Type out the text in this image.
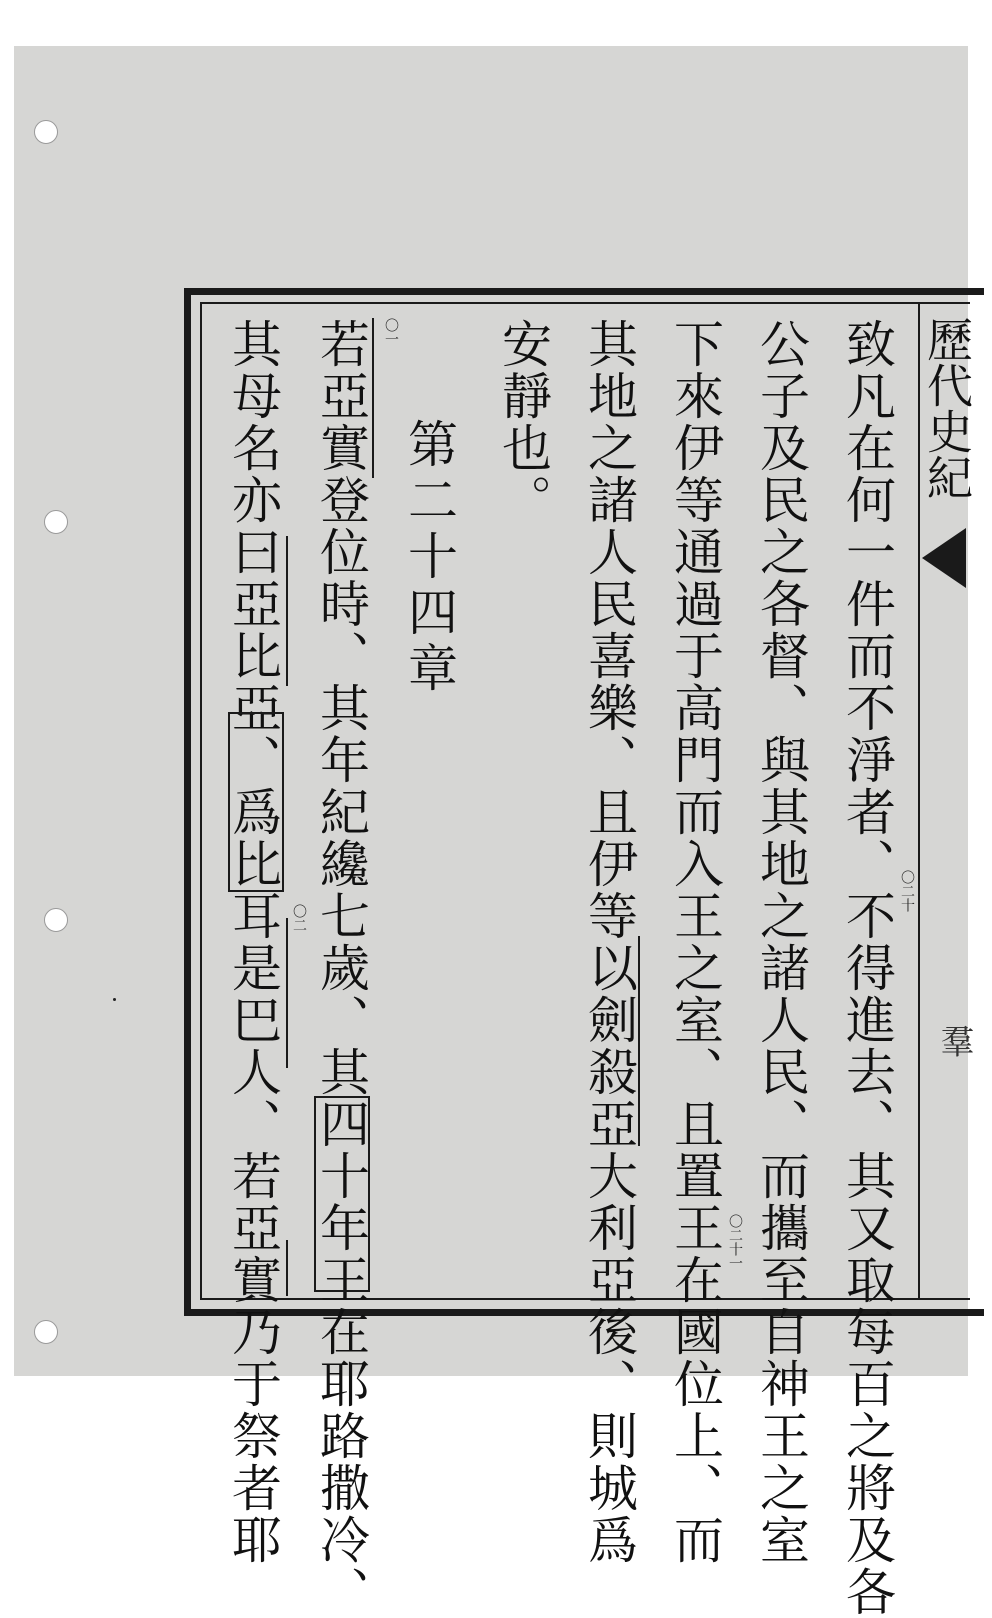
歷代史紀
羣
致凡在何一件而不淨者、不得進去、其又取每百之將及各
公子及民之各督、與其地之諸人民、而攜至自神王之室
下來伊等通過于高門而入王之室、且置王在國位上、而
其地之諸人民喜樂、且伊等以劍殺亞大利亞後、則城爲
安靜也。
第二十四章
若亞實登位時、其年紀纔七歲、其四十年王在耶路撒冷、
其母名亦曰亞比亞、爲比耳是巴人、若亞實乃于祭者耶	〇二十
〇二十一
〇一
〇二
